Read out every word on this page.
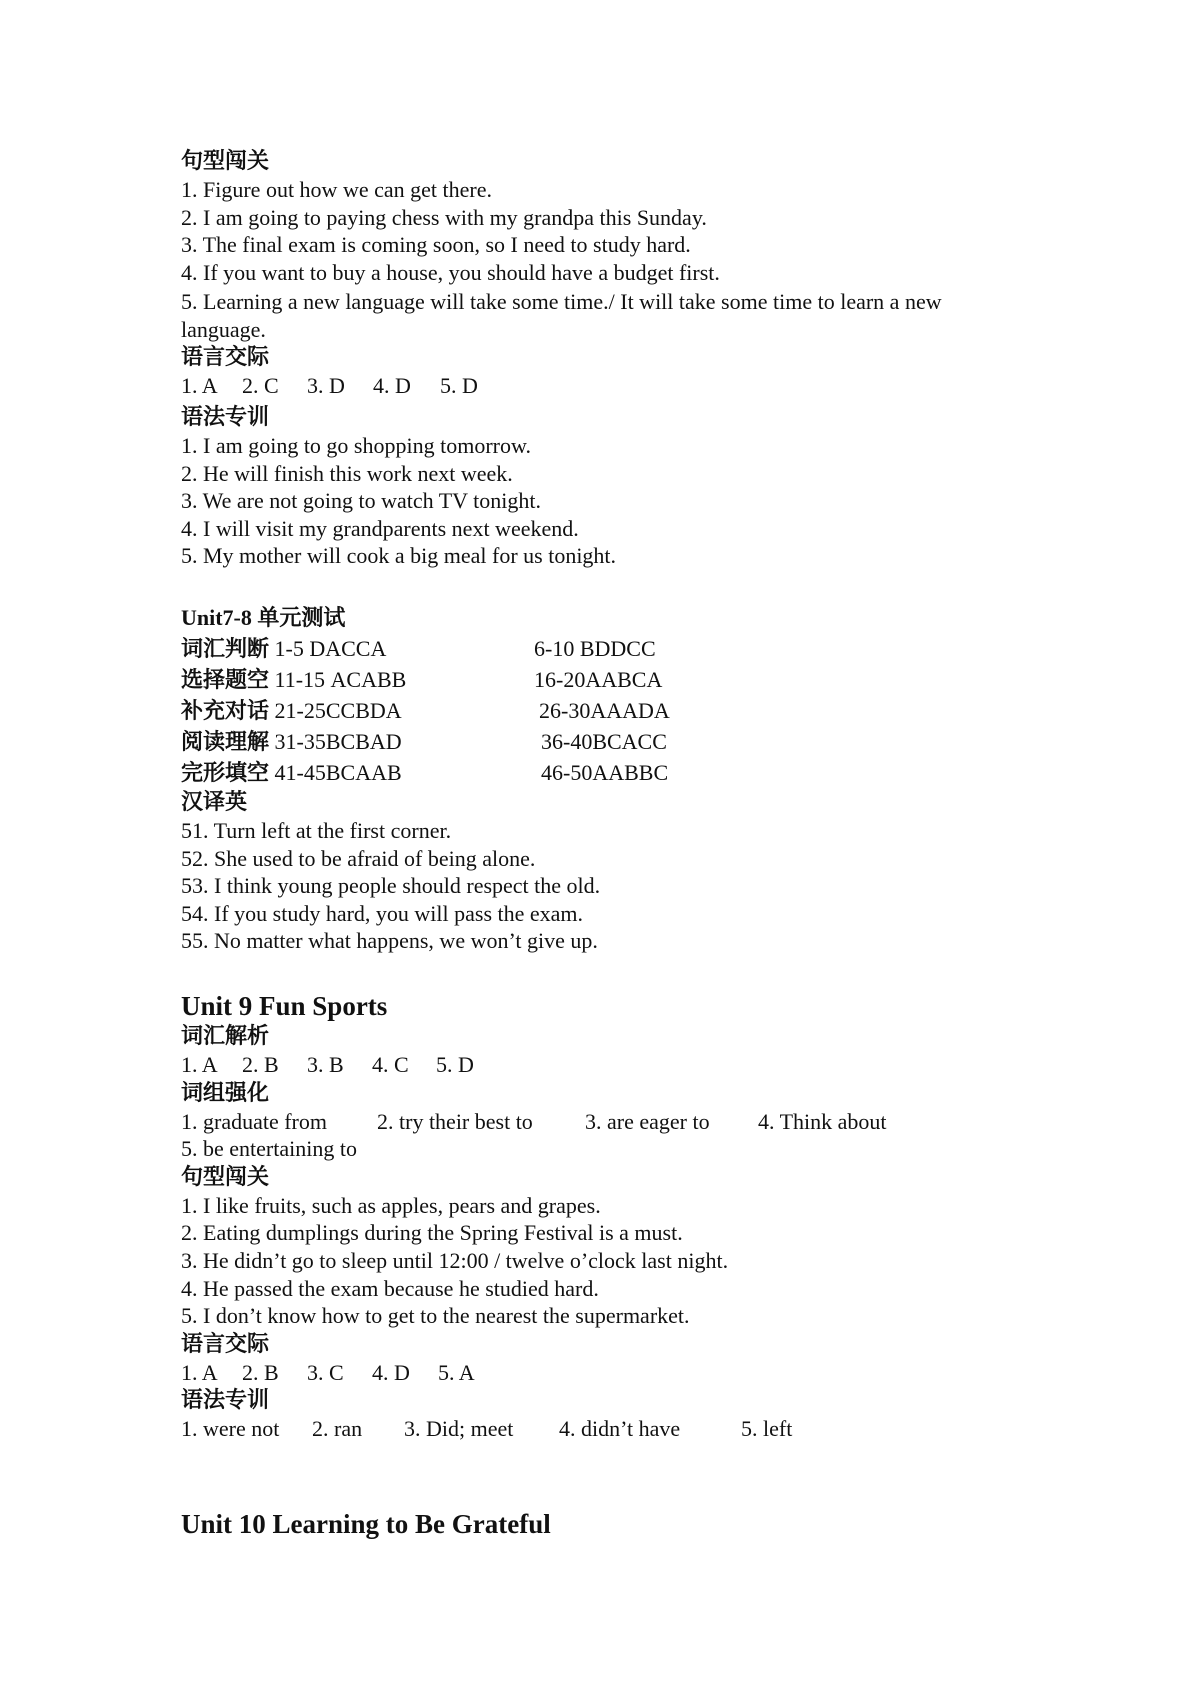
句型闯关
1. Figure out how we can get there.
2. I am going to paying chess with my grandpa this Sunday.
3. The final exam is coming soon, so I need to study hard.
4. If you want to buy a house, you should have a budget first.
5. Learning a new language will take some time./ It will take some time to learn a new language.
语言交际
1. A 2. C 3. D 4. D 5. D
语法专训
1. I am going to go shopping tomorrow.
2. He will finish this work next week.
3. We are not going to watch TV tonight.
4. I will visit my grandparents next weekend.
5. My mother will cook a big meal for us tonight.
Unit7-8 单元测试
词汇判断 1-5 DACCA	6-10 BDDCC
选择题空 11-15 ACABB	16-20AABCA
补充对话 21-25CCBDA	26-30AAADA
阅读理解 31-35BCBAD	36-40BCACC
完形填空 41-45BCAAB	46-50AABBC
汉译英
51. Turn left at the first corner.
52. She used to be afraid of being alone.
53. I think young people should respect the old.
54. If you study hard, you will pass the exam.
55. No matter what happens, we won’t give up.
Unit 9 Fun Sports
词汇解析
1. A 2. B 3. B 4. C 5. D
词组强化
1. graduate from 2. try their best to 3. are eager to 4. Think about
5. be entertaining to
句型闯关
1. I like fruits, such as apples, pears and grapes.
2. Eating dumplings during the Spring Festival is a must.
3. He didn’t go to sleep until 12:00 / twelve o’clock last night.
4. He passed the exam because he studied hard.
5. I don’t know how to get to the nearest the supermarket.
语言交际
1. A 2. B 3. C 4. D 5. A
语法专训
1. were not 2. ran 3. Did; meet 4. didn’t have	5. left
Unit 10 Learning to Be Grateful
